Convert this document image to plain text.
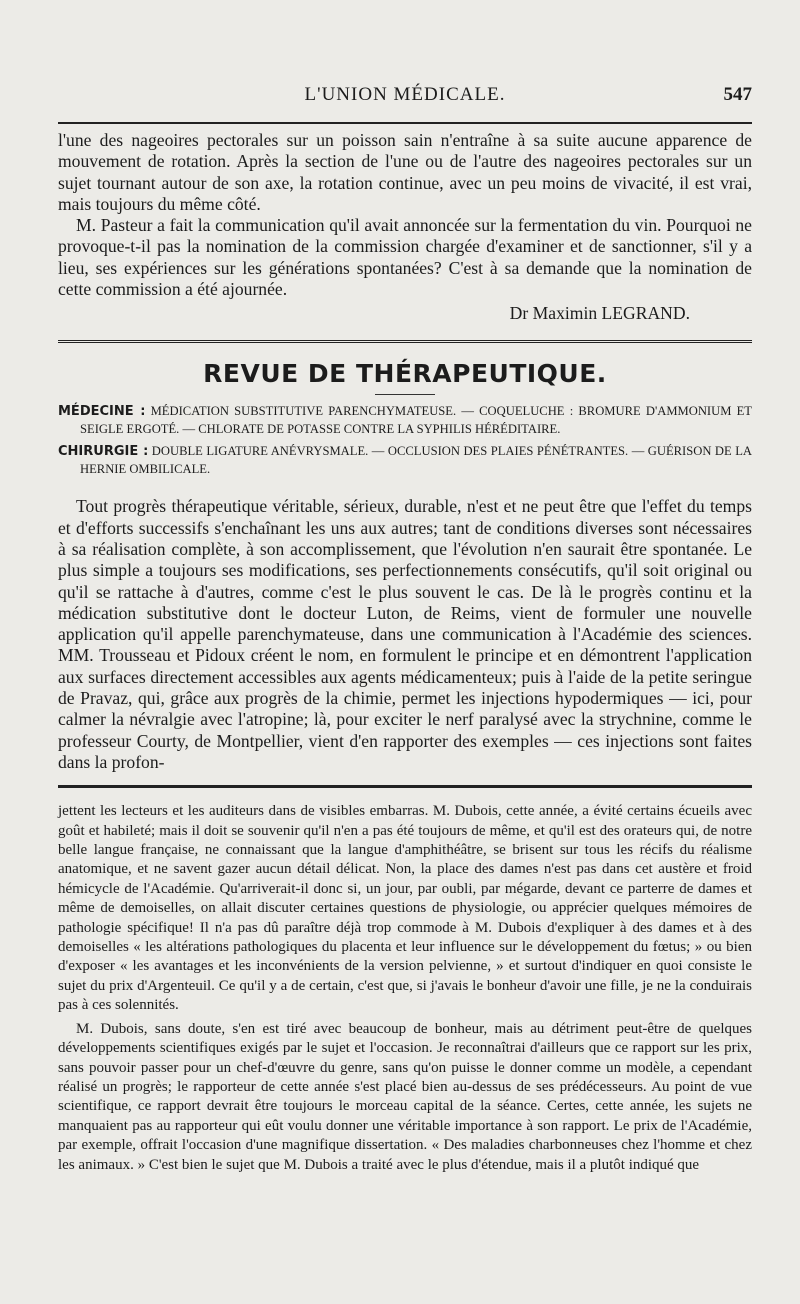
L'UNION MÉDICALE.	547

l'une des nageoires pectorales sur un poisson sain n'entraîne à sa suite aucune apparence de mouvement de rotation. Après la section de l'une ou de l'autre des nageoires pectorales sur un sujet tournant autour de son axe, la rotation continue, avec un peu moins de vivacité, il est vrai, mais toujours du même côté.

M. Pasteur a fait la communication qu'il avait annoncée sur la fermentation du vin. Pourquoi ne provoque-t-il pas la nomination de la commission chargée d'examiner et de sanctionner, s'il y a lieu, ses expériences sur les générations spontanées? C'est à sa demande que la nomination de cette commission a été ajournée.

Dr Maximin LEGRAND.
REVUE DE THÉRAPEUTIQUE.

MÉDECINE : MÉDICATION SUBSTITUTIVE PARENCHYMATEUSE. — COQUELUCHE : BROMURE D'AMMONIUM ET SEIGLE ERGOTÉ. — CHLORATE DE POTASSE CONTRE LA SYPHILIS HÉRÉDITAIRE.

CHIRURGIE : DOUBLE LIGATURE ANÉVRYSMALE. — OCCLUSION DES PLAIES PÉNÉTRANTES. — GUÉRISON DE LA HERNIE OMBILICALE.

Tout progrès thérapeutique véritable, sérieux, durable, n'est et ne peut être que l'effet du temps et d'efforts successifs s'enchaînant les uns aux autres; tant de conditions diverses sont nécessaires à sa réalisation complète, à son accomplissement, que l'évolution n'en saurait être spontanée. Le plus simple a toujours ses modifications, ses perfectionnements consécutifs, qu'il soit original ou qu'il se rattache à d'autres, comme c'est le plus souvent le cas. De là le progrès continu et la médication substitutive dont le docteur Luton, de Reims, vient de formuler une nouvelle application qu'il appelle parenchymateuse, dans une communication à l'Académie des sciences. MM. Trousseau et Pidoux créent le nom, en formulent le principe et en démontrent l'application aux surfaces directement accessibles aux agents médicamenteux; puis à l'aide de la petite seringue de Pravaz, qui, grâce aux progrès de la chimie, permet les injections hypodermiques — ici, pour calmer la névralgie avec l'atropine; là, pour exciter le nerf paralysé avec la strychnine, comme le professeur Courty, de Montpellier, vient d'en rapporter des exemples — ces injections sont faites dans la profon-

jettent les lecteurs et les auditeurs dans de visibles embarras. M. Dubois, cette année, a évité certains écueils avec goût et habileté; mais il doit se souvenir qu'il n'en a pas été toujours de même, et qu'il est des orateurs qui, de notre belle langue française, ne connaissant que la langue d'amphithéâtre, se brisent sur tous les récifs du réalisme anatomique, et ne savent gazer aucun détail délicat. Non, la place des dames n'est pas dans cet austère et froid hémicycle de l'Académie. Qu'arriverait-il donc si, un jour, par oubli, par mégarde, devant ce parterre de dames et même de demoiselles, on allait discuter certaines questions de physiologie, ou apprécier quelques mémoires de pathologie spécifique! Il n'a pas dû paraître déjà trop commode à M. Dubois d'expliquer à des dames et à des demoiselles « les altérations pathologiques du placenta et leur influence sur le développement du fœtus; » ou bien d'exposer « les avantages et les inconvénients de la version pelvienne, » et surtout d'indiquer en quoi consiste le sujet du prix d'Argenteuil. Ce qu'il y a de certain, c'est que, si j'avais le bonheur d'avoir une fille, je ne la conduirais pas à ces solennités.

M. Dubois, sans doute, s'en est tiré avec beaucoup de bonheur, mais au détriment peut-être de quelques développements scientifiques exigés par le sujet et l'occasion. Je reconnaîtrai d'ailleurs que ce rapport sur les prix, sans pouvoir passer pour un chef-d'œuvre du genre, sans qu'on puisse le donner comme un modèle, a cependant réalisé un progrès; le rapporteur de cette année s'est placé bien au-dessus de ses prédécesseurs. Au point de vue scientifique, ce rapport devrait être toujours le morceau capital de la séance. Certes, cette année, les sujets ne manquaient pas au rapporteur qui eût voulu donner une véritable importance à son rapport. Le prix de l'Académie, par exemple, offrait l'occasion d'une magnifique dissertation. « Des maladies charbonneuses chez l'homme et chez les animaux. » C'est bien le sujet que M. Dubois a traité avec le plus d'étendue, mais il a plutôt indiqué que
